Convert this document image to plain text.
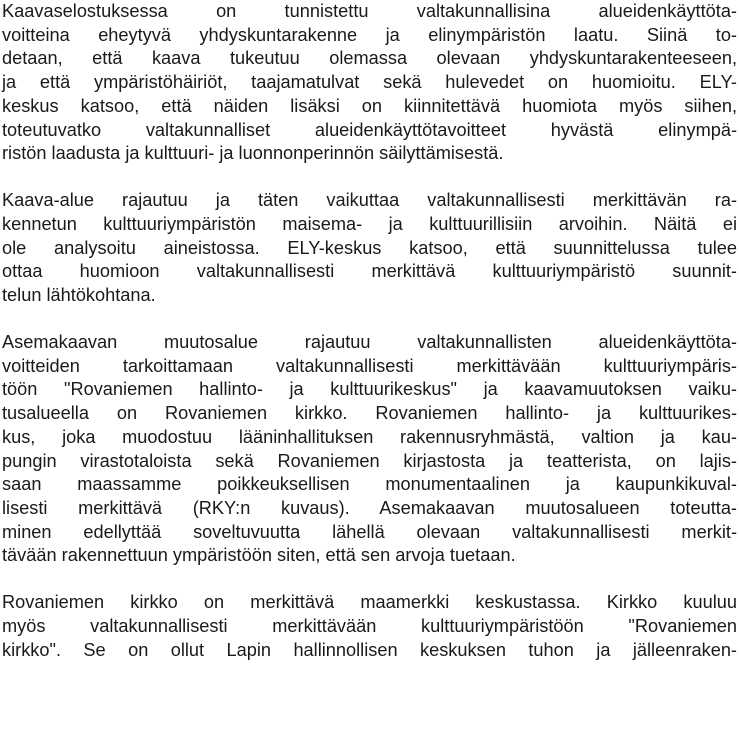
Kaavaselostuksessa on tunnistettu valtakunnallisina alueidenkäyttöta-
voitteina eheytyvä yhdyskuntarakenne ja elinympäristön laatu. Siinä to-
detaan, että kaava tukeutuu olemassa olevaan yhdyskuntarakenteeseen,
ja että ympäristöhäiriöt, taajamatulvat sekä hulevedet on huomioitu. ELY-
keskus katsoo, että näiden lisäksi on kiinnitettävä huomiota myös siihen,
toteutuvatko valtakunnalliset alueidenkäyttötavoitteet hyvästä elinympä-
ristön laadusta ja kulttuuri- ja luonnonperinnön säilyttämisestä.
Kaava-alue rajautuu ja täten vaikuttaa valtakunnallisesti merkittävän ra-
kennetun kulttuuriympäristön maisema- ja kulttuurillisiin arvoihin. Näitä ei
ole analysoitu aineistossa. ELY-keskus katsoo, että suunnittelussa tulee
ottaa huomioon valtakunnallisesti merkittävä kulttuuriympäristö suunnit-
telun lähtökohtana.
Asemakaavan muutosalue rajautuu valtakunnallisten alueidenkäyttöta-
voitteiden tarkoittamaan valtakunnallisesti merkittävään kulttuuriympäris-
töön "Rovaniemen hallinto- ja kulttuurikeskus" ja kaavamuutoksen vaiku-
tusalueella on Rovaniemen kirkko. Rovaniemen hallinto- ja kulttuurikes-
kus, joka muodostuu lääninhallituksen rakennusryhmästä, valtion ja kau-
pungin virastotaloista sekä Rovaniemen kirjastosta ja teatterista, on lajis-
saan maassamme poikkeuksellisen monumentaalinen ja kaupunkikuval-
lisesti merkittävä (RKY:n kuvaus). Asemakaavan muutosalueen toteutta-
minen edellyttää soveltuvuutta lähellä olevaan valtakunnallisesti merkit-
tävään rakennettuun ympäristöön siten, että sen arvoja tuetaan.
Rovaniemen kirkko on merkittävä maamerkki keskustassa. Kirkko kuuluu
myös valtakunnallisesti merkittävään kulttuuriympäristöön "Rovaniemen
kirkko". Se on ollut Lapin hallinnollisen keskuksen tuhon ja jälleenraken-
